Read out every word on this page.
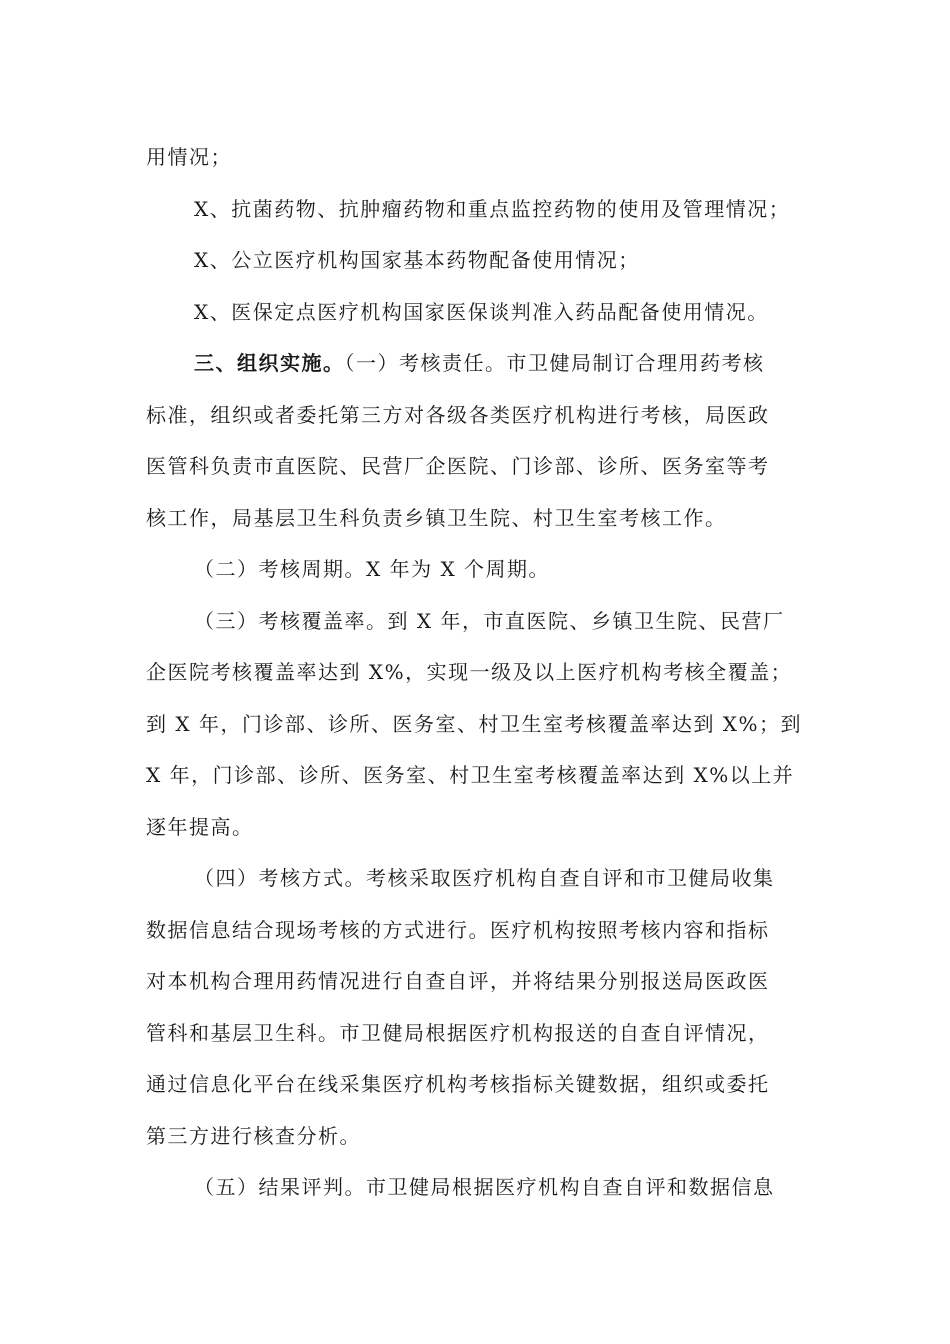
用情况；

X、抗菌药物、抗肿瘤药物和重点监控药物的使用及管理情况；

X、公立医疗机构国家基本药物配备使用情况；

X、医保定点医疗机构国家医保谈判准入药品配备使用情况。

三、组织实施。（一）考核责任。市卫健局制订合理用药考核
标准，组织或者委托第三方对各级各类医疗机构进行考核，局医政
医管科负责市直医院、民营厂企医院、门诊部、诊所、医务室等考
核工作，局基层卫生科负责乡镇卫生院、村卫生室考核工作。

（二）考核周期。X 年为 X 个周期。

（三）考核覆盖率。到 X 年，市直医院、乡镇卫生院、民营厂
企医院考核覆盖率达到 X%，实现一级及以上医疗机构考核全覆盖；
到 X 年，门诊部、诊所、医务室、村卫生室考核覆盖率达到 X%；到
X 年，门诊部、诊所、医务室、村卫生室考核覆盖率达到 X%以上并
逐年提高。

（四）考核方式。考核采取医疗机构自查自评和市卫健局收集
数据信息结合现场考核的方式进行。医疗机构按照考核内容和指标
对本机构合理用药情况进行自查自评，并将结果分别报送局医政医
管科和基层卫生科。市卫健局根据医疗机构报送的自查自评情况，
通过信息化平台在线采集医疗机构考核指标关键数据，组织或委托
第三方进行核查分析。

（五）结果评判。市卫健局根据医疗机构自查自评和数据信息
